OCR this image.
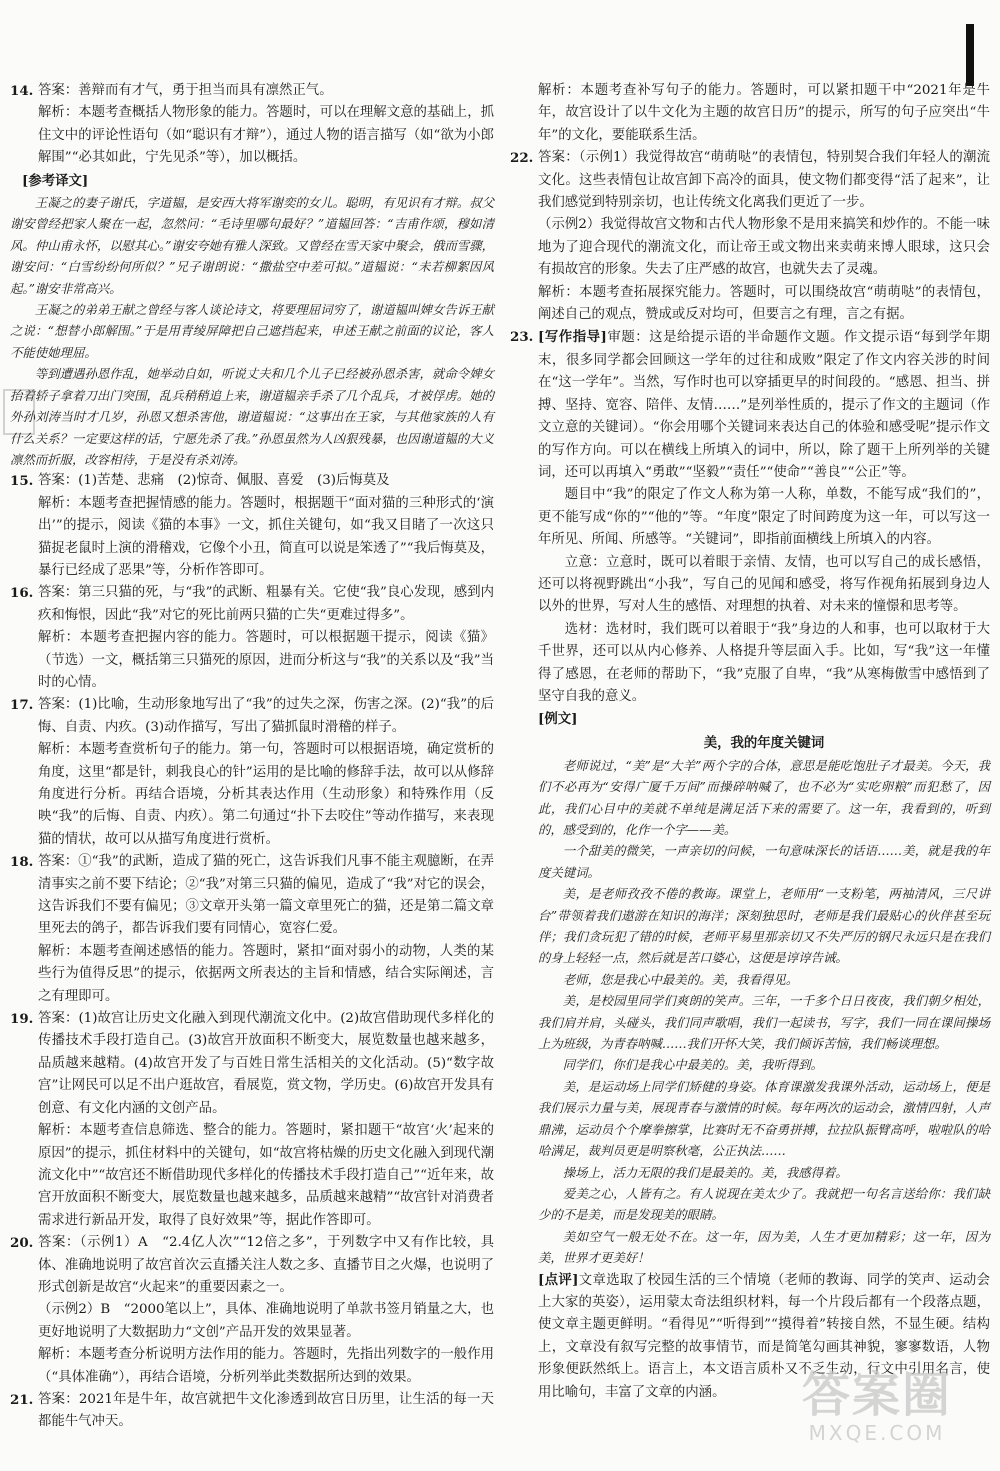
14. 答案：善辩而有才气，勇于担当而具有凛然正气。

解析：本题考查概括人物形象的能力。答题时，可以在理解文意的基础上，抓住文中的评论性语句（如“聪识有才辩”），通过人物的语言描写（如“欲为小郎解围”“必其如此，宁先见杀”等），加以概括。

[参考译文]

王凝之的妻子谢氏，字道韫，是安西大将军谢奕的女儿。聪明，有见识有才辩。叔父谢安曾经把家人聚在一起，忽然问：“毛诗里哪句最好？”道韫回答：“吉甫作颂，穆如清风。仲山甫永怀，以慰其心。”谢安夸她有雅人深致。又曾经在雪天家中聚会，俄而雪骤，谢安问：“白雪纷纷何所似？”兄子谢朗说：“撒盐空中差可拟。”道韫说：“未若柳絮因风起。”谢安非常高兴。

王凝之的弟弟王献之曾经与客人谈论诗文，将要理屈词穷了，谢道韫叫婢女告诉王献之说：“想替小郎解围。”于是用青绫屏障把自己遮挡起来，申述王献之前面的议论，客人不能使她理屈。

等到遭遇孙恩作乱，她举动自如，听说丈夫和几个儿子已经被孙恩杀害，就命令婢女抬着轿子拿着刀出门突围，乱兵稍稍追上来，谢道韫亲手杀了几个乱兵，才被俘虏。她的外孙刘涛当时才几岁，孙恩又想杀害他，谢道韫说：“这事出在王家，与其他家族的人有什么关系？一定要这样的话，宁愿先杀了我。”孙恩虽然为人凶狠残暴，也因谢道韫的大义凛然而折服，改容相待，于是没有杀刘涛。

15. 答案：(1)苦楚、悲痛　(2)惊奇、佩服、喜爱　(3)后悔莫及

解析：本题考查把握情感的能力。答题时，根据题干“面对猫的三种形式的‘演出’”的提示，阅读《猫的本事》一文，抓住关键句，如“我又目睹了一次这只猫捉老鼠时上演的滑稽戏，它像个小丑，简直可以说是笨透了”“我后悔莫及，暴行已经成了恶果”等，分析作答即可。

16. 答案：第三只猫的死，与“我”的武断、粗暴有关。它使“我”良心发现，感到内疚和悔恨，因此“我”对它的死比前两只猫的亡失“更难过得多”。

解析：本题考查把握内容的能力。答题时，可以根据题干提示，阅读《猫》（节选）一文，概括第三只猫死的原因，进而分析这与“我”的关系以及“我”当时的心情。

17. 答案：(1)比喻，生动形象地写出了“我”的过失之深，伤害之深。(2)“我”的后悔、自责、内疚。(3)动作描写，写出了猫抓鼠时滑稽的样子。

解析：本题考查赏析句子的能力。第一句，答题时可以根据语境，确定赏析的角度，这里“都是针，刺我良心的针”运用的是比喻的修辞手法，故可以从修辞角度进行分析。再结合语境，分析其表达作用（生动形象）和特殊作用（反映“我”的后悔、自责、内疚）。第二句通过“扑下去咬住”等动作描写，来表现猫的情状，故可以从描写角度进行赏析。

18. 答案：①“我”的武断，造成了猫的死亡，这告诉我们凡事不能主观臆断，在弄清事实之前不要下结论；②“我”对第三只猫的偏见，造成了“我”对它的误会，这告诉我们不要有偏见；③文章开头第一篇文章里死亡的猫，还是第二篇文章里死去的鸽子，都告诉我们要有同情心，宽容仁爱。

解析：本题考查阐述感悟的能力。答题时，紧扣“面对弱小的动物，人类的某些行为值得反思”的提示，依据两文所表达的主旨和情感，结合实际阐述，言之有理即可。

19. 答案：(1)故宫让历史文化融入到现代潮流文化中。(2)故宫借助现代多样化的传播技术手段打造自己。(3)故宫开放面积不断变大，展览数量也越来越多，品质越来越精。(4)故宫开发了与百姓日常生活相关的文化活动。(5)“数字故宫”让网民可以足不出户逛故宫，看展览，赏文物，学历史。(6)故宫开发具有创意、有文化内涵的文创产品。

解析：本题考查信息筛选、整合的能力。答题时，紧扣题干“故宫‘火’起来的原因”的提示，抓住材料中的关键句，如“故宫将枯燥的历史文化融入到现代潮流文化中”“故宫还不断借助现代多样化的传播技术手段打造自己”“近年来，故宫开放面积不断变大，展览数量也越来越多，品质越来越精”“故宫针对消费者需求进行新品开发，取得了良好效果”等，据此作答即可。

20. 答案：（示例1）A　“2.4亿人次”“12倍之多”，于列数字中又有作比较，具体、准确地说明了故宫首次云直播关注人数之多、直播节目之火爆，也说明了形式创新是故宫“火起来”的重要因素之一。

（示例2）B　“2000笔以上”，具体、准确地说明了单款书签月销量之大，也更好地说明了大数据助力“文创”产品开发的效果显著。

解析：本题考查分析说明方法作用的能力。答题时，先指出列数字的一般作用（“具体准确”），再结合语境，分析列举此类数据所达到的效果。

21. 答案：2021年是牛年，故宫就把牛文化渗透到故宫日历里，让生活的每一天都能牛气冲天。

解析：本题考查补写句子的能力。答题时，可以紧扣题干中“2021年是牛年，故宫设计了以牛文化为主题的故宫日历”的提示，所写的句子应突出“牛年”的文化，要能联系生活。

22. 答案：（示例1）我觉得故宫“萌萌哒”的表情包，特别契合我们年轻人的潮流文化。这些表情包让故宫卸下高冷的面具，使文物们都变得“活了起来”，让我们感觉到特别亲切，也让传统文化离我们更近了一步。

（示例2）我觉得故宫文物和古代人物形象不是用来搞笑和炒作的。不能一味地为了迎合现代的潮流文化，而让帝王或文物出来卖萌来博人眼球，这只会有损故宫的形象。失去了庄严感的故宫，也就失去了灵魂。

解析：本题考查拓展探究能力。答题时，可以围绕故宫“萌萌哒”的表情包，阐述自己的观点，赞成或反对均可，但要言之有理，言之有据。

23. [写作指导]审题：这是给提示语的半命题作文题。作文提示语“每到学年期末，很多同学都会回顾这一学年的过往和成败”限定了作文内容关涉的时间在“这一学年”。当然，写作时也可以穿插更早的时间段的。“感恩、担当、拼搏、坚持、宽容、陪伴、友情……”是列举性质的，提示了作文的主题词（作文立意的关键词）。“你会用哪个关键词来表达自己的体验和感受呢”提示作文的写作方向。可以在横线上所填入的词中，所以，除了题干上所列举的关键词，还可以再填入“勇敢”“坚毅”“责任”“使命”“善良”“公正”等。

题目中“我”的限定了作文人称为第一人称，单数，不能写成“我们的”，更不能写成“你的”“他的”等。“年度”限定了时间跨度为这一年，可以写这一年所见、所闻、所感等。“关键词”，即指前面横线上所填入的内容。

立意：立意时，既可以着眼于亲情、友情，也可以写自己的成长感悟，还可以将视野跳出“小我”，写自己的见闻和感受，将写作视角拓展到身边人以外的世界，写对人生的感悟、对理想的执着、对未来的憧憬和思考等。

选材：选材时，我们既可以着眼于“我”身边的人和事，也可以取材于大千世界，还可以从内心修养、人格提升等层面入手。比如，写“我”这一年懂得了感恩，在老师的帮助下，“我”克服了自卑，“我”从寒梅傲雪中感悟到了坚守自我的意义。

[例文]
美，我的年度关键词

老师说过，“美”是“大羊”两个字的合体，意思是能吃饱肚子才最美。今天，我们不必再为“安得广厦千万间”而操碎呐喊了，也不必为“实吃卵粮”而犯愁了，因此，我们心目中的美就不单纯是满足活下来的需要了。这一年，我看到的，听到的，感受到的，化作一个字——美。

一个甜美的微笑，一声亲切的问候，一句意味深长的话语……美，就是我的年度关键词。

美，是老师孜孜不倦的教诲。课堂上，老师用“一支粉笔，两袖清风，三尺讲台”带领着我们遨游在知识的海洋；深刻独思时，老师是我们最贴心的伙伴甚至玩伴；我们贪玩犯了错的时候，老师平易里那亲切又不失严厉的钢尺永远只是在我们的身上轻轻一点，然后就是苦口婆心，这便是谆谆告诫。

老师，您是我心中最美的。美，我看得见。

美，是校园里同学们爽朗的笑声。三年，一千多个日日夜夜，我们朝夕相处，我们肩并肩，头碰头，我们同声歌唱，我们一起读书，写字，我们一同在课间操场上为班级，为青春呐喊……我们开怀大笑，我们倾诉苦恼，我们畅谈理想。

同学们，你们是我心中最美的。美，我听得到。

美，是运动场上同学们矫健的身姿。体育课激发我课外活动，运动场上，便是我们展示力量与美，展现青春与激情的时候。每年两次的运动会，激情四射，人声鼎沸，运动员个个摩拳擦掌，比赛时无不奋勇拼搏，拉拉队振臂高呼，啦啦队的哈哈满足，裁判员更是明察秋毫，公正执法……

操场上，活力无限的我们是最美的。美，我感得着。

爱美之心，人皆有之。有人说现在美太少了。我就把一句名言送给你：我们缺少的不是美，而是发现美的眼睛。

美如空气一般无处不在。这一年，因为美，人生才更加精彩；这一年，因为美，世界才更美好！

[点评]文章选取了校园生活的三个情境（老师的教诲、同学的笑声、运动会上大家的英姿），运用蒙太奇法组织材料，每一个片段后都有一个段落点题，使文章主题更鲜明。“看得见”“听得到”“摸得着”转接自然，不显生硬。结构上，文章没有叙写完整的故事情节，而是简笔勾画其神貌，寥寥数语，人物形象便跃然纸上。语言上，本文语言质朴又不乏生动，行文中引用名言，使用比喻句，丰富了文章的内涵。	答案圈
MXQE.COM
